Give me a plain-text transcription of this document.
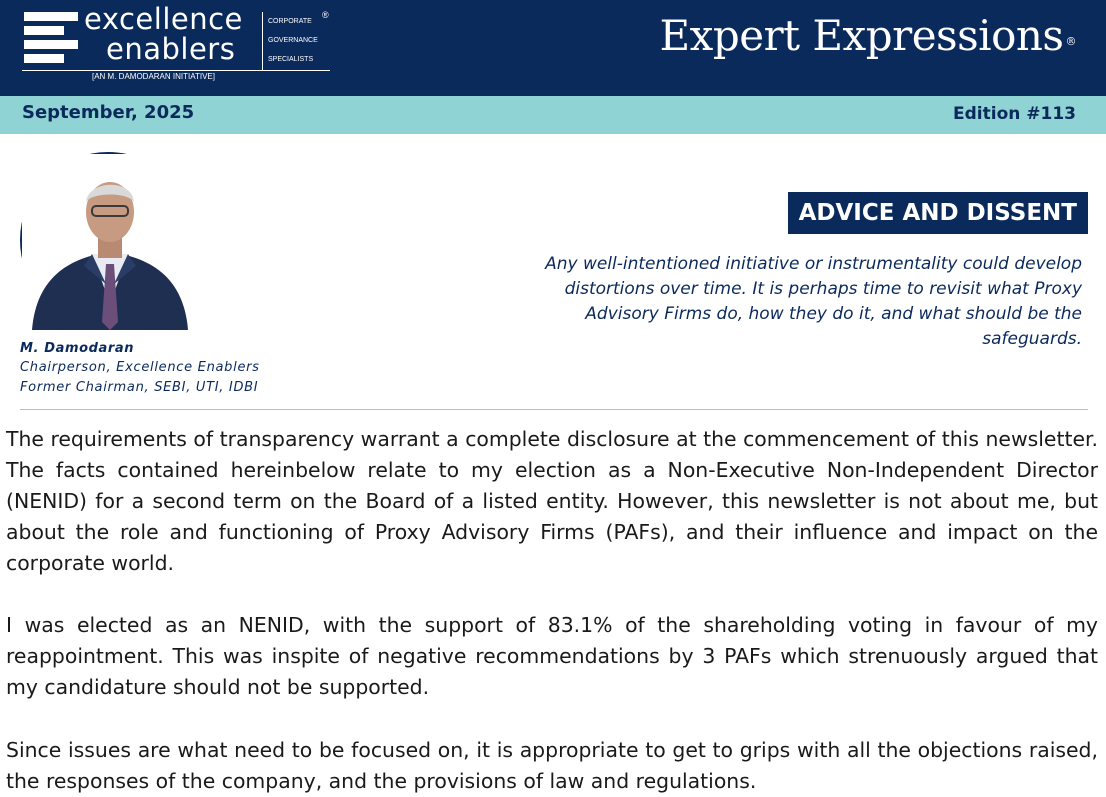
excellence
enablers
CORPORATE
GOVERNANCE
SPECIALISTS
®
[AN M. DAMODARAN INITIATIVE]
Expert Expressions ®
September, 2025	Edition #113
M. Damodaran
Chairperson, Excellence Enablers
Former Chairman, SEBI, UTI, IDBI
ADVICE AND DISSENT
Any well-intentioned initiative or instrumentality could develop distortions over time. It is perhaps time to revisit what Proxy Advisory Firms do, how they do it, and what should be the safeguards.
The requirements of transparency warrant a complete disclosure at the commencement of this newsletter. The facts contained hereinbelow relate to my election as a Non-Executive Non-Independent Director (NENID) for a second term on the Board of a listed entity. However, this newsletter is not about me, but about the role and functioning of Proxy Advisory Firms (PAFs), and their influence and impact on the corporate world.
I was elected as an NENID, with the support of 83.1% of the shareholding voting in favour of my reappointment. This was inspite of negative recommendations by 3 PAFs which strenuously argued that my candidature should not be supported.
Since issues are what need to be focused on, it is appropriate to get to grips with all the objections raised, the responses of the company, and the provisions of law and regulations.
